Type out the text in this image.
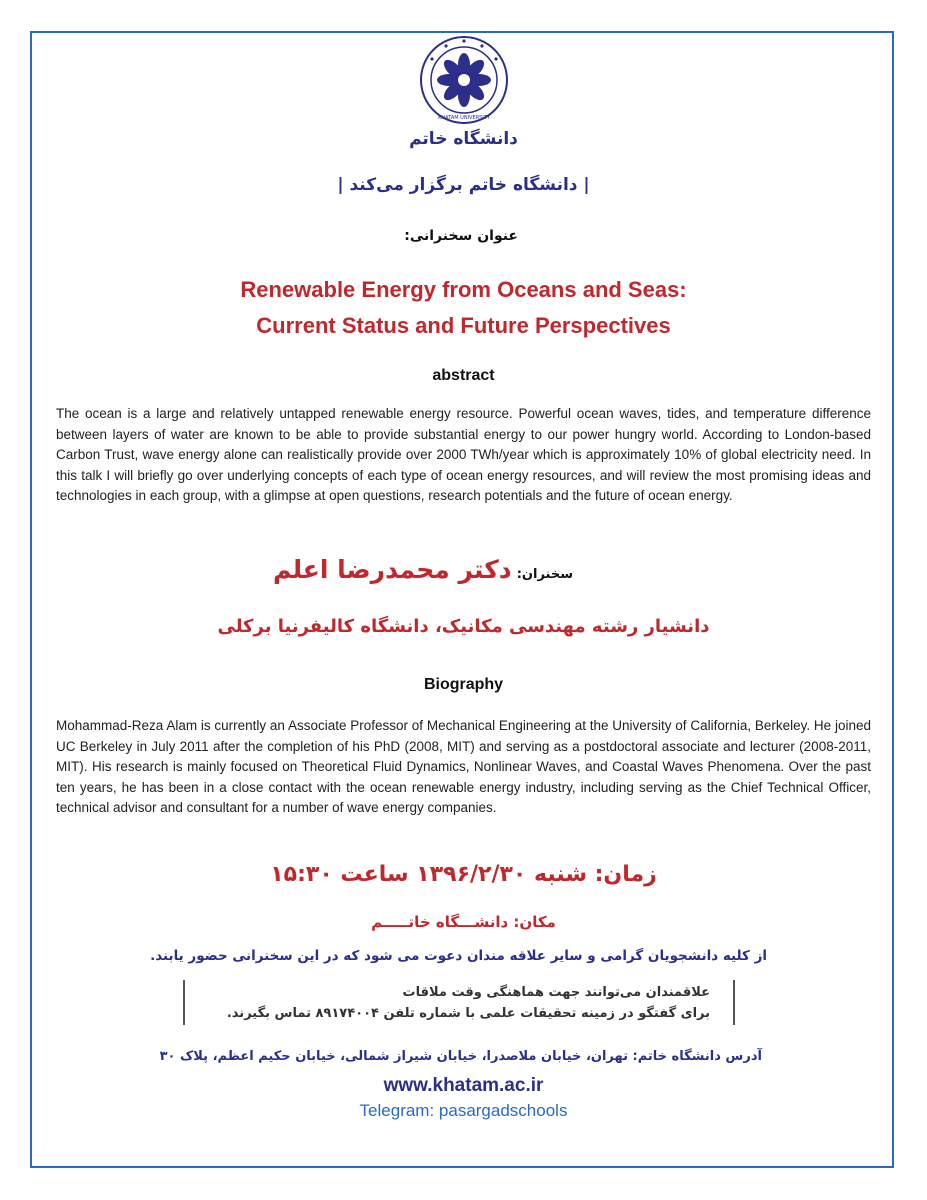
KHATAM UNIVERSITY
دانشگاه خاتم
| دانشگاه خاتم برگزار می‌کند |
عنوان سخنرانی:
Renewable Energy from Oceans and Seas:
Current Status and Future Perspectives
abstract
The ocean is a large and relatively untapped renewable energy resource. Powerful ocean waves, tides, and temperature difference between layers of water are known to be able to provide substantial energy to our power hungry world. According to London-based Carbon Trust, wave energy alone can realistically provide over 2000 TWh/year which is approximately 10% of global electricity need. In this talk I will briefly go over underlying concepts of each type of ocean energy resources, and will review the most promising ideas and technologies in each group, with a glimpse at open questions, research potentials and the future of ocean energy.
سخنران: دکتر محمدرضا اعلم
دانشیار رشته مهندسی مکانیک، دانشگاه کالیفرنیا برکلی
Biography
Mohammad-Reza Alam is currently an Associate Professor of Mechanical Engineering at the University of California, Berkeley. He joined UC Berkeley in July 2011 after the completion of his PhD (2008, MIT) and serving as a postdoctoral associate and lecturer (2008-2011, MIT). His research is mainly focused on Theoretical Fluid Dynamics, Nonlinear Waves, and Coastal Waves Phenomena. Over the past ten years, he has been in a close contact with the ocean renewable energy industry, including serving as the Chief Technical Officer, technical advisor and consultant for a number of wave energy companies.
زمان: شنبه ۱۳۹۶/۲/۳۰ ساعت ۱۵:۳۰
مکان: دانشـــگاه خاتـــــم
از کلیه دانشجویان گرامی و سایر علاقه مندان دعوت می شود که در این سخنرانی حضور یابند.
علاقمندان می‌توانند جهت هماهنگی وقت ملاقات
برای گفتگو در زمینه تحقیقات علمی با شماره تلفن ۸۹۱۷۴۰۰۴ تماس بگیرند.
آدرس دانشگاه خاتم: تهران، خیابان ملاصدرا، خیابان شیراز شمالی، خیابان حکیم اعظم، پلاک ۳۰
www.khatam.ac.ir
Telegram: pasargadschools
